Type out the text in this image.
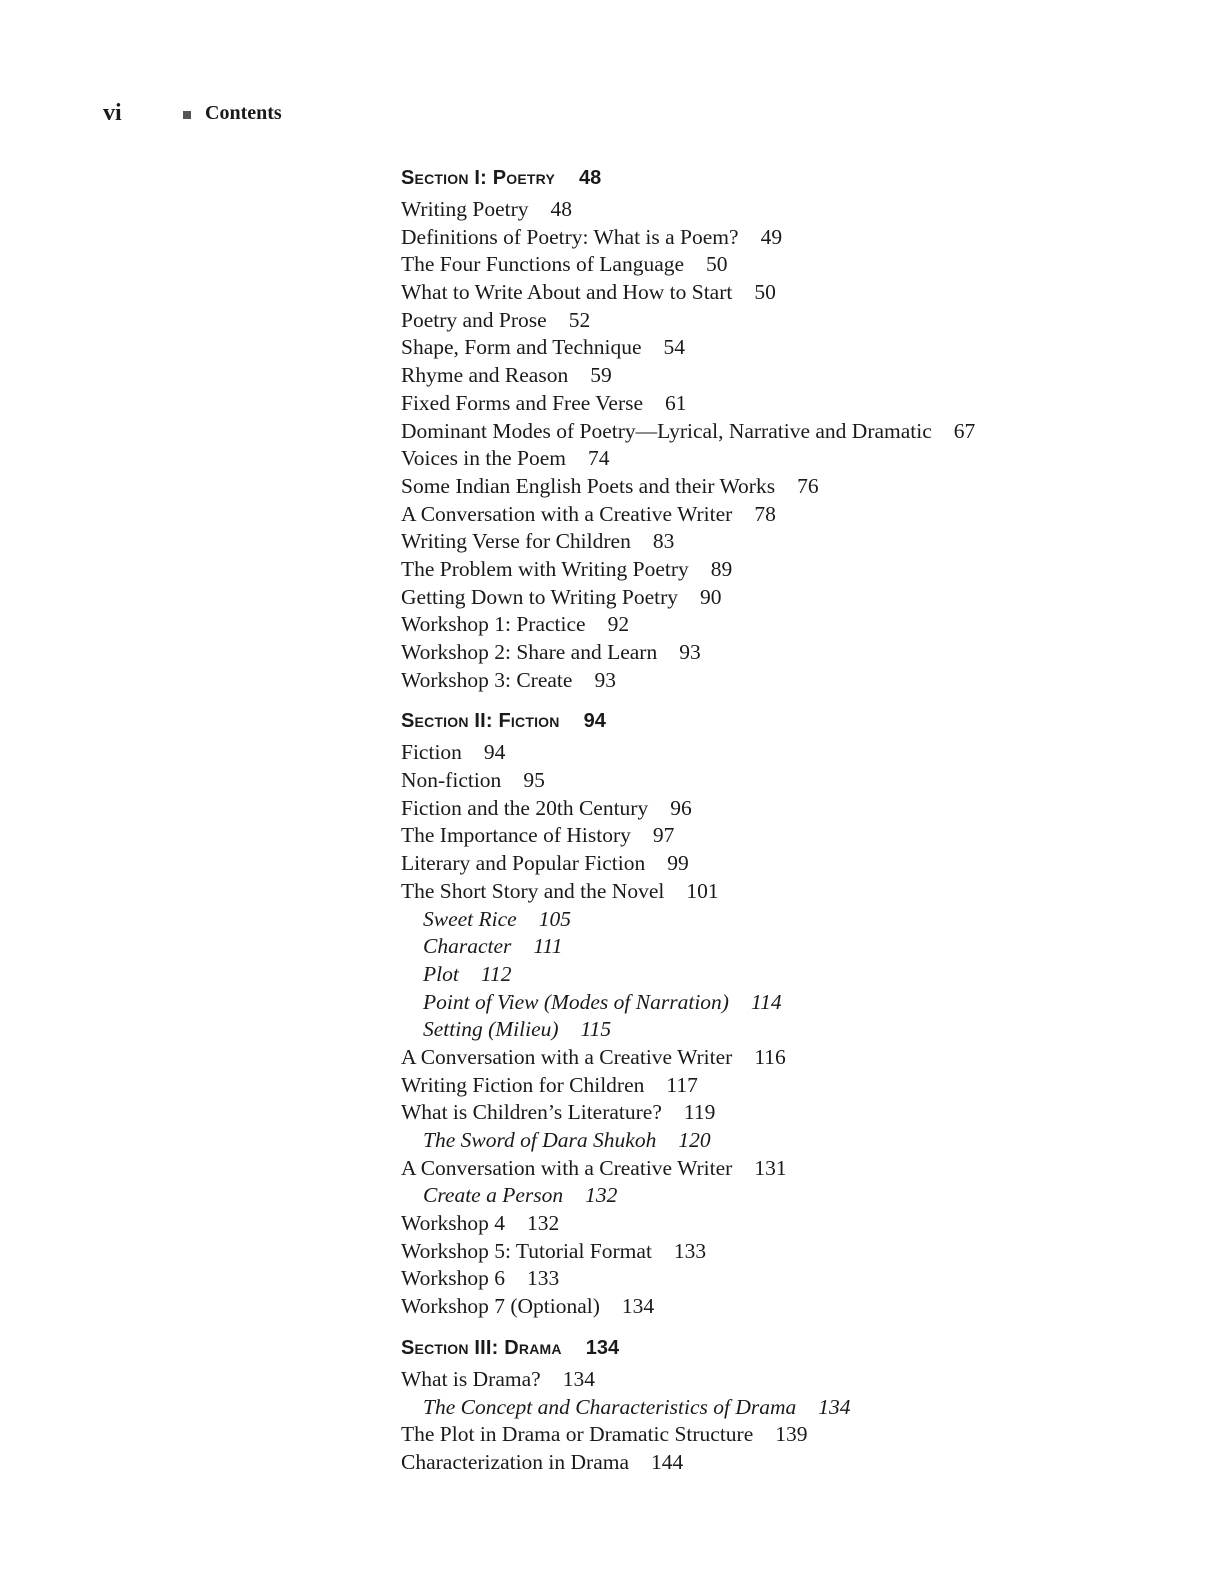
vi	Contents
Section I: Poetry 48
Writing Poetry 48
Definitions of Poetry: What is a Poem? 49
The Four Functions of Language 50
What to Write About and How to Start 50
Poetry and Prose 52
Shape, Form and Technique 54
Rhyme and Reason 59
Fixed Forms and Free Verse 61
Dominant Modes of Poetry—Lyrical, Narrative and Dramatic 67
Voices in the Poem 74
Some Indian English Poets and their Works 76
A Conversation with a Creative Writer 78
Writing Verse for Children 83
The Problem with Writing Poetry 89
Getting Down to Writing Poetry 90
Workshop 1: Practice 92
Workshop 2: Share and Learn 93
Workshop 3: Create 93
Section II: Fiction 94
Fiction 94
Non-fiction 95
Fiction and the 20th Century 96
The Importance of History 97
Literary and Popular Fiction 99
The Short Story and the Novel 101
Sweet Rice 105
Character 111
Plot 112
Point of View (Modes of Narration) 114
Setting (Milieu) 115
A Conversation with a Creative Writer 116
Writing Fiction for Children 117
What is Children’s Literature? 119
The Sword of Dara Shukoh 120
A Conversation with a Creative Writer 131
Create a Person 132
Workshop 4 132
Workshop 5: Tutorial Format 133
Workshop 6 133
Workshop 7 (Optional) 134
Section III: Drama 134
What is Drama? 134
The Concept and Characteristics of Drama 134
The Plot in Drama or Dramatic Structure 139
Characterization in Drama 144
